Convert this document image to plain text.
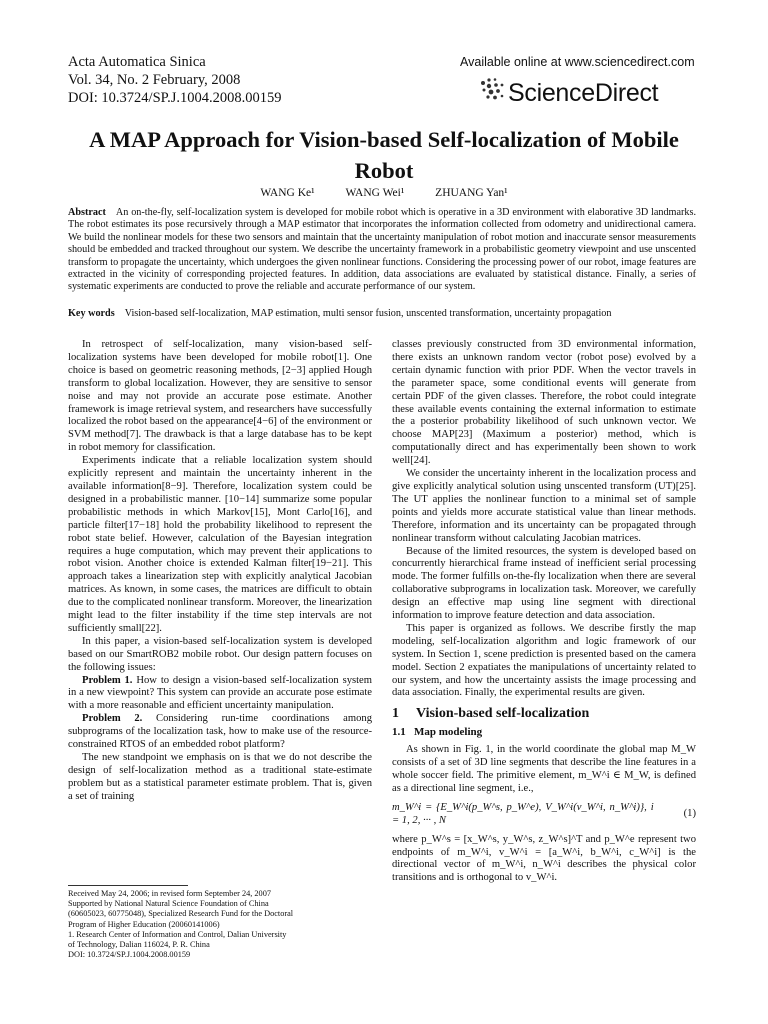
Acta Automatica Sinica
Vol. 34, No. 2 February, 2008
DOI: 10.3724/SP.J.1004.2008.00159
Available online at www.sciencedirect.com
ScienceDirect
A MAP Approach for Vision-based Self-localization of Mobile Robot
WANG Ke¹	WANG Wei¹	ZHUANG Yan¹
Abstract An on-the-fly, self-localization system is developed for mobile robot which is operative in a 3D environment with elaborative 3D landmarks. The robot estimates its pose recursively through a MAP estimator that incorporates the information collected from odometry and unidirectional camera. We build the nonlinear models for these two sensors and maintain that the uncertainty manipulation of robot motion and inaccurate sensor measurements should be embedded and tracked throughout our system. We describe the uncertainty framework in a probabilistic geometry viewpoint and use unscented transform to propagate the uncertainty, which undergoes the given nonlinear functions. Considering the processing power of our robot, image features are extracted in the vicinity of corresponding projected features. In addition, data associations are evaluated by statistical distance. Finally, a series of systematic experiments are conducted to prove the reliable and accurate performance of our system.
Key words Vision-based self-localization, MAP estimation, multi sensor fusion, unscented transformation, uncertainty propagation

In retrospect of self-localization, many vision-based self-localization systems have been developed for mobile robot[1]. One choice is based on geometric reasoning methods, [2−3] applied Hough transform to global localization. However, they are sensitive to sensor noise and may not provide an accurate pose estimate. Another framework is image retrieval system, and researchers have successfully localized the robot based on the appearance[4−6] of the environment or SVM method[7]. The drawback is that a large database has to be kept in robot memory for classification.

Experiments indicate that a reliable localization system should explicitly represent and maintain the uncertainty inherent in the available information[8−9]. Therefore, localization system could be designed in a probabilistic manner. [10−14] summarize some popular probabilistic methods in which Markov[15], Mont Carlo[16], and particle filter[17−18] hold the probability likelihood to represent the robot state belief. However, calculation of the Bayesian integration requires a huge computation, which may prevent their applications to robot vision. Another choice is extended Kalman filter[19−21]. This approach takes a linearization step with explicitly analytical Jacobian matrices. As known, in some cases, the matrices are difficult to obtain due to the complicated nonlinear transform. Moreover, the linearization might lead to the filter instability if the time step intervals are not sufficiently small[22].

In this paper, a vision-based self-localization system is developed based on our SmartROB2 mobile robot. Our design pattern focuses on the following issues:

Problem 1. How to design a vision-based self-localization system in a new viewpoint? This system can provide an accurate pose estimate with a more reasonable and efficient uncertainty manipulation.

Problem 2. Considering run-time coordinations among subprograms of the localization task, how to make use of the resource-constrained RTOS of an embedded robot platform?

The new standpoint we emphasis on is that we do not describe the design of self-localization method as a traditional state-estimate problem but as a statistical parameter estimate problem. That is, given a set of training

Received May 24, 2006; in revised form September 24, 2007
Supported by National Natural Science Foundation of China
(60605023, 60775048), Specialized Research Fund for the Doctoral
Program of Higher Education (20060141006)
1. Research Center of Information and Control, Dalian University
of Technology, Dalian 116024, P. R. China
DOI: 10.3724/SP.J.1004.2008.00159

classes previously constructed from 3D environmental information, there exists an unknown random vector (robot pose) evolved by a certain dynamic function with prior PDF. When the vector travels in the parameter space, some conditional events will generate from certain PDF of the given classes. Therefore, the robot could integrate these available events containing the external information to estimate the a posterior probability likelihood of such unknown vector. We choose MAP[23] (Maximum a posterior) method, which is computationally direct and has experimentally been shown to work well[24].

We consider the uncertainty inherent in the localization process and give explicitly analytical solution using unscented transform (UT)[25]. The UT applies the nonlinear function to a minimal set of sample points and yields more accurate statistical value than linear methods. Therefore, information and its uncertainty can be propagated through nonlinear transform without calculating Jacobian matrices.

Because of the limited resources, the system is developed based on concurrently hierarchical frame instead of inefficient serial processing mode. The former fulfills on-the-fly localization when there are several collaborative subprograms in localization task. Moreover, we carefully design an effective map using line segment with directional information to improve feature detection and data association.

This paper is organized as follows. We describe firstly the map modeling, self-localization algorithm and logic framework of our system. In Section 1, scene prediction is presented based on the camera model. Section 2 expatiates the manipulations of uncertainty related to our system, and how the uncertainty assists the image processing and data association. Finally, the experimental results are given.

1 Vision-based self-localization
1.1 Map modeling

As shown in Fig. 1, in the world coordinate the global map M_W consists of a set of 3D line segments that describe the line features in a whole soccer field. The primitive element, m_W^i ∈ M_W, is defined as a directional line segment, i.e.,

m_W^i = {E_W^i(p_W^s, p_W^e), V_W^i(v_W^i, n_W^i)}, i = 1, 2, ··· , N
(1)

where p_W^s = [x_W^s, y_W^s, z_W^s]^T and p_W^e represent two endpoints of m_W^i, v_W^i = [a_W^i, b_W^i, c_W^i] is the directional vector of m_W^i, n_W^i describes the physical color transitions and is orthogonal to v_W^i.
